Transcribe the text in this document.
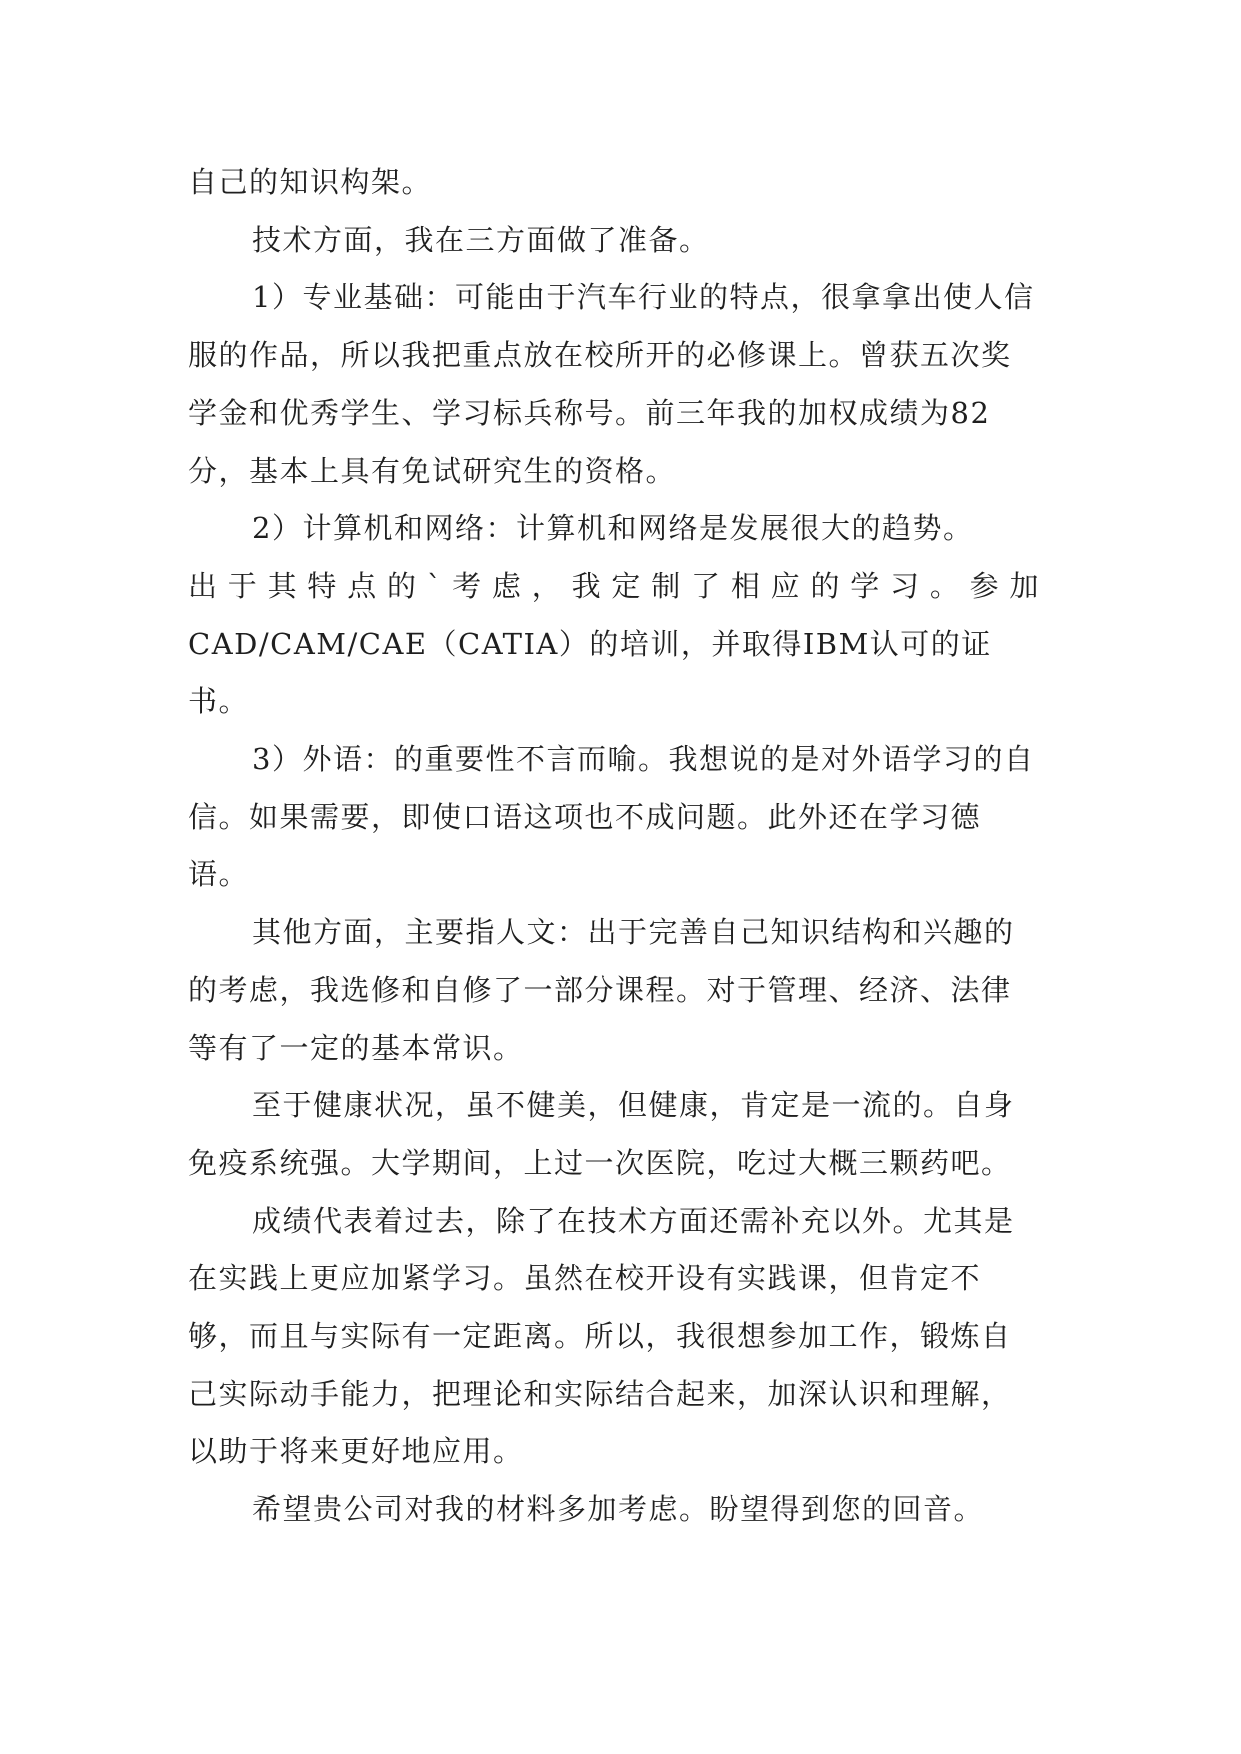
自己的知识构架。

技术方面，我在三方面做了准备。

1）专业基础：可能由于汽车行业的特点，很拿拿出使人信服的作品，所以我把重点放在校所开的必修课上。曾获五次奖学金和优秀学生、学习标兵称号。前三年我的加权成绩为82分，基本上具有免试研究生的资格。

2）计算机和网络：计算机和网络是发展很大的趋势。

出于其特点的`考虑，我定制了相应的学习。参加

CAD/CAM/CAE（CATIA）的培训，并取得IBM认可的证书。

3）外语：的重要性不言而喻。我想说的是对外语学习的自信。如果需要，即使口语这项也不成问题。此外还在学习德语。

其他方面，主要指人文：出于完善自己知识结构和兴趣的的考虑，我选修和自修了一部分课程。对于管理、经济、法律等有了一定的基本常识。

至于健康状况，虽不健美，但健康，肯定是一流的。自身免疫系统强。大学期间，上过一次医院，吃过大概三颗药吧。

成绩代表着过去，除了在技术方面还需补充以外。尤其是在实践上更应加紧学习。虽然在校开设有实践课，但肯定不够，而且与实际有一定距离。所以，我很想参加工作，锻炼自己实际动手能力，把理论和实际结合起来，加深认识和理解，以助于将来更好地应用。

希望贵公司对我的材料多加考虑。盼望得到您的回音。
